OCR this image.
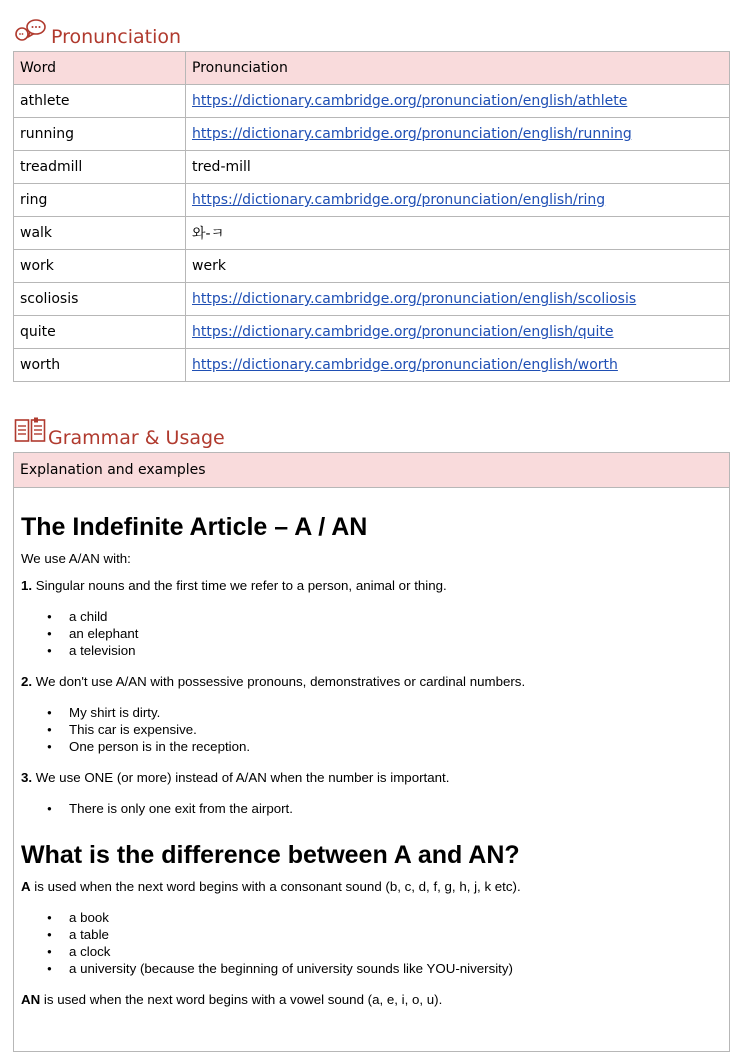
Pronunciation
Word	Pronunciation
athlete	https://dictionary.cambridge.org/pronunciation/english/athlete
running	https://dictionary.cambridge.org/pronunciation/english/running
treadmill	tred-mill
ring	https://dictionary.cambridge.org/pronunciation/english/ring
walk	와-ㅋ
work	werk
scoliosis	https://dictionary.cambridge.org/pronunciation/english/scoliosis
quite	https://dictionary.cambridge.org/pronunciation/english/quite
worth	https://dictionary.cambridge.org/pronunciation/english/worth
Grammar & Usage
Explanation and examples
The Indefinite Article – A / AN

We use A/AN with:

1. Singular nouns and the first time we refer to a person, animal or thing.

● a child
● an elephant
● a television

2. We don't use A/AN with possessive pronouns, demonstratives or cardinal numbers.

● My shirt is dirty.
● This car is expensive.
● One person is in the reception.

3. We use ONE (or more) instead of A/AN when the number is important.

● There is only one exit from the airport.
What is the difference between A and AN?

A is used when the next word begins with a consonant sound (b, c, d, f, g, h, j, k etc).

● a book
● a table
● a clock
● a university (because the beginning of university sounds like YOU-niversity)

AN is used when the next word begins with a vowel sound (a, e, i, o, u).
